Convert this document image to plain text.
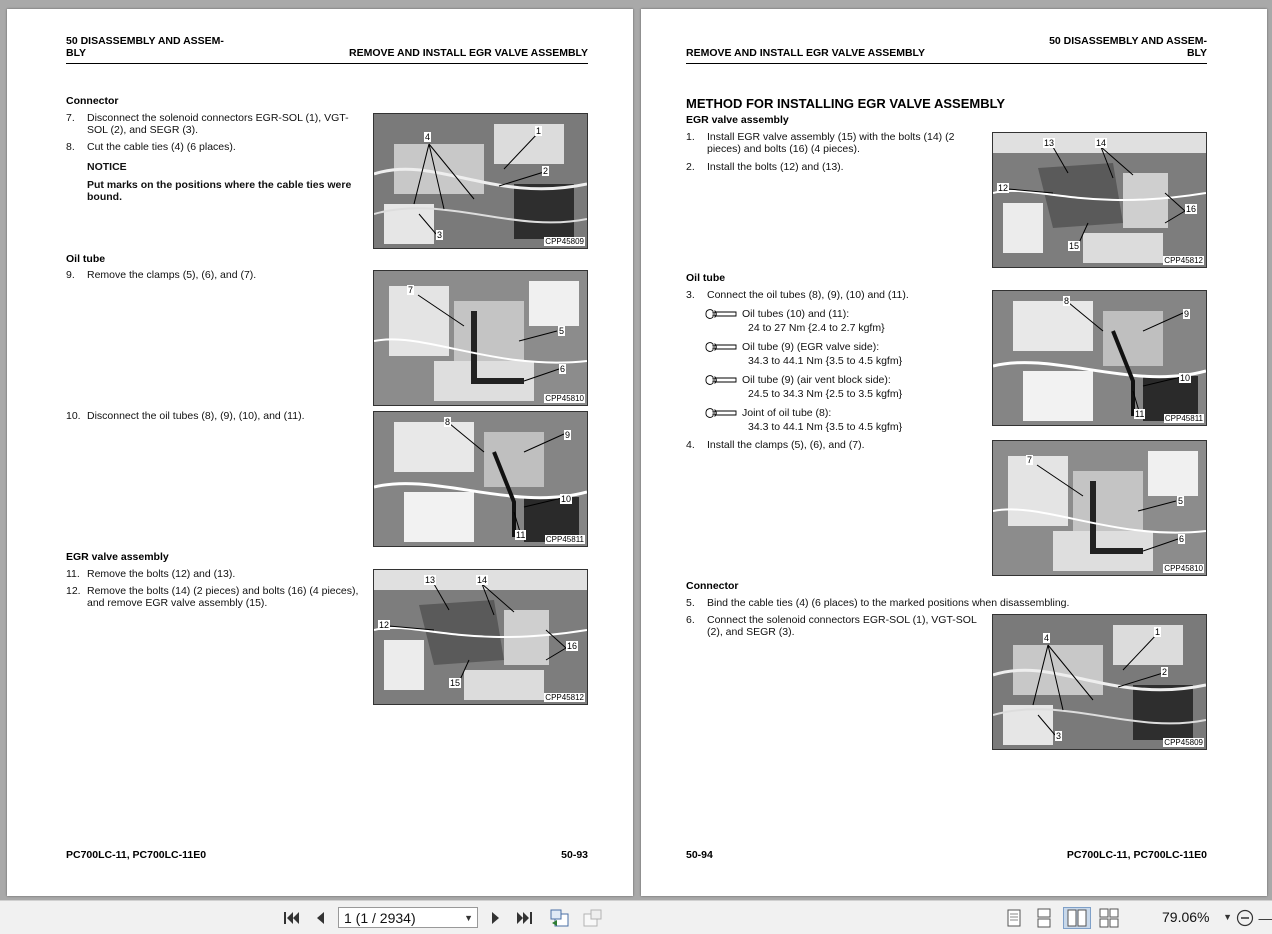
50 DISASSEMBLY AND ASSEM-
BLY	REMOVE AND INSTALL EGR VALVE ASSEMBLY
Connector
7. Disconnect the solenoid connectors EGR-SOL (1), VGT-
SOL (2), and SEGR (3).
8. Cut the cable ties (4) (6 places).
NOTICE
Put marks on the positions where the cable ties were
bound.
4
1
2
3
CPP45809
Oil tube
9. Remove the clamps (5), (6), and (7).
7
5
6
CPP45810
10. Disconnect the oil tubes (8), (9), (10), and (11).	8
9
10
11	CPP45811
EGR valve assembly
11. Remove the bolts (12) and (13).
12. Remove the bolts (14) (2 pieces) and bolts (16) (4 pieces),
and remove EGR valve assembly (15).
13	14
12
16
15
CPP45812
PC700LC-11, PC700LC-11E0	50-93
50 DISASSEMBLY AND ASSEM-
BLY
REMOVE AND INSTALL EGR VALVE ASSEMBLY
METHOD FOR INSTALLING EGR VALVE ASSEMBLY
EGR valve assembly
1. Install EGR valve assembly (15) with the bolts (14) (2
pieces) and bolts (16) (4 pieces).
2. Install the bolts (12) and (13).
13	14
12
16
15
CPP45812
Oil tube
3. Connect the oil tubes (8), (9), (10) and (11).
Oil tubes (10) and (11):
24 to 27 Nm {2.4 to 2.7 kgfm}
Oil tube (9) (EGR valve side):
34.3 to 44.1 Nm {3.5 to 4.5 kgfm}
Oil tube (9) (air vent block side):
24.5 to 34.3 Nm {2.5 to 3.5 kgfm}
Joint of oil tube (8):
34.3 to 44.1 Nm {3.5 to 4.5 kgfm}
8
9
10
11	CPP45811
4. Install the clamps (5), (6), and (7).
7
5
6
CPP45810
Connector
5. Bind the cable ties (4) (6 places) to the marked positions when disassembling.
6. Connect the solenoid connectors EGR-SOL (1), VGT-SOL
(2), and SEGR (3).	4
1
2
3
CPP45809
50-94	PC700LC-11, PC700LC-11E0
1 (1 / 2934)	▼	79.06% ▼ —
